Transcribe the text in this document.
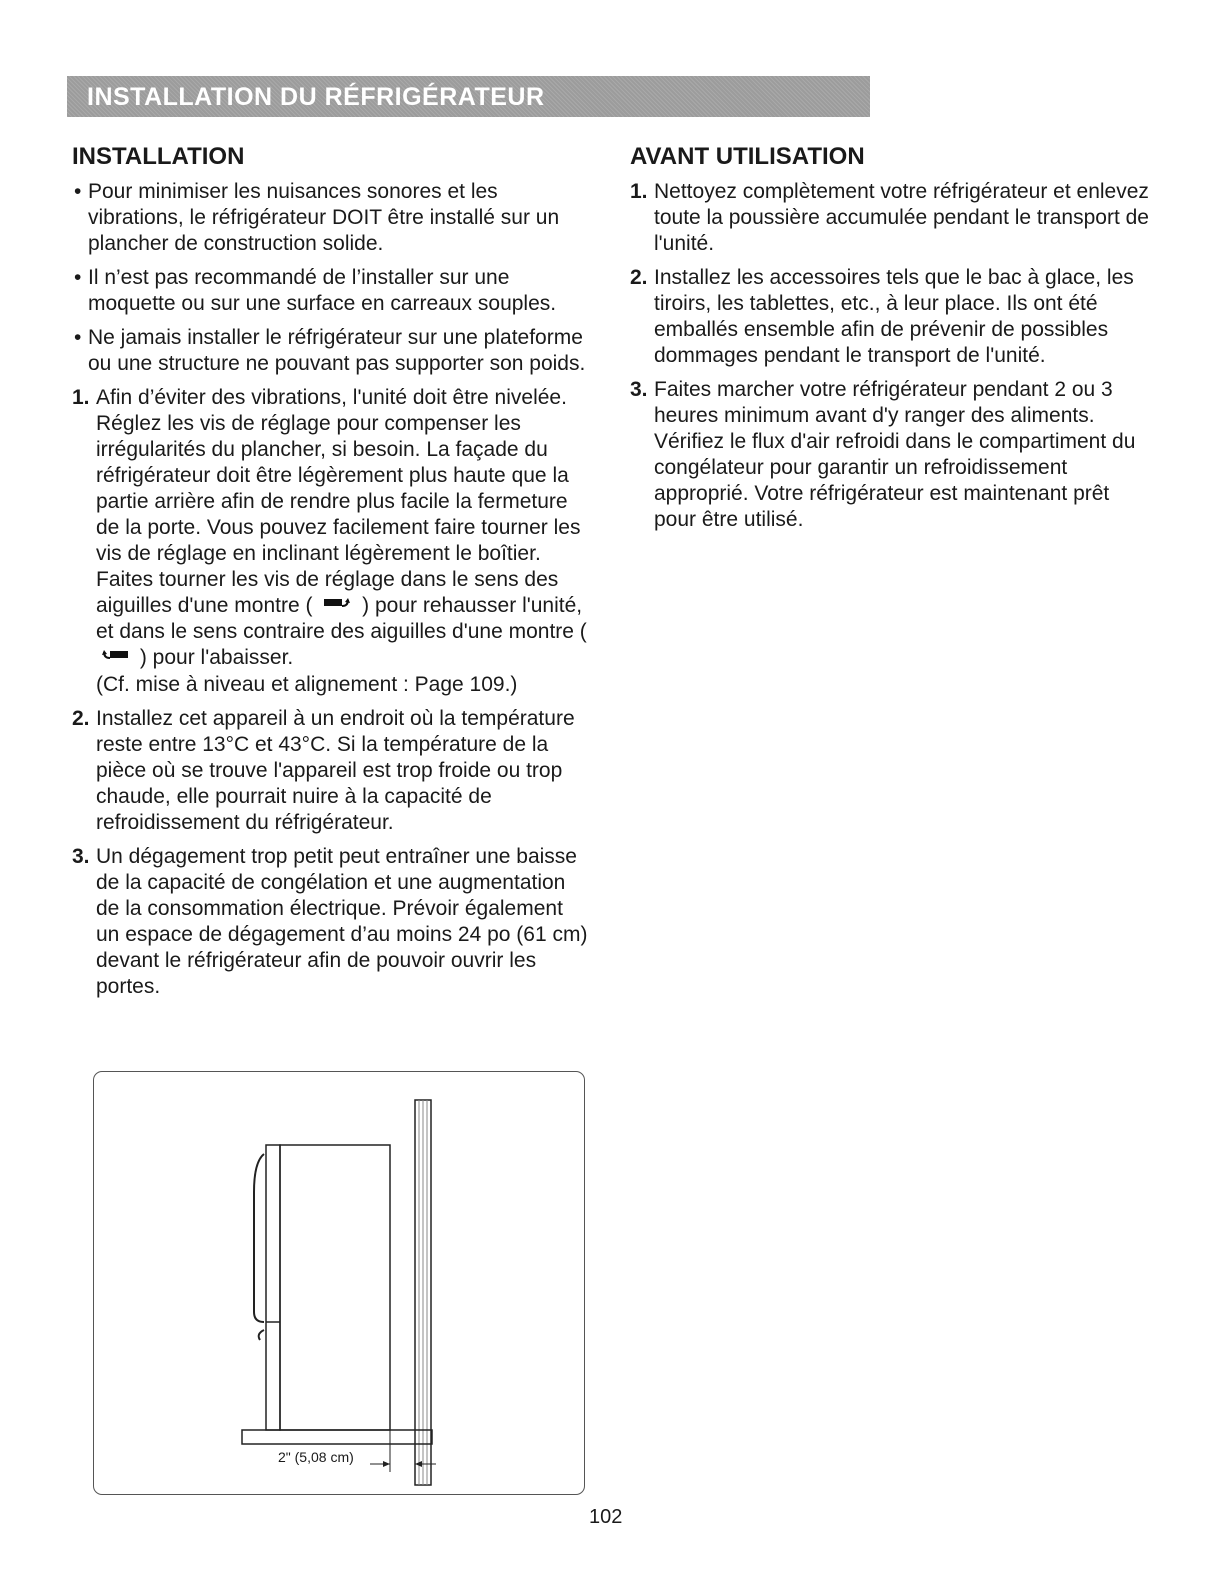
INSTALLATION DU RÉFRIGÉRATEUR
INSTALLATION
• Pour minimiser les nuisances sonores et les vibrations, le réfrigérateur DOIT être installé sur un plancher de construction solide.
• Il n’est pas recommandé de l’installer sur une moquette ou sur une surface en carreaux souples.
• Ne jamais installer le réfrigérateur sur une plateforme ou une structure ne pouvant pas supporter son poids.
1. Afin d’éviter des vibrations, l'unité doit être nivelée. Réglez les vis de réglage pour compenser les irrégularités du plancher, si besoin. La façade du réfrigérateur doit être légèrement plus haute que la partie arrière afin de rendre plus facile la fermeture de la porte. Vous pouvez facilement faire tourner les vis de réglage en inclinant légèrement le boîtier. Faites tourner les vis de réglage dans le sens des aiguilles d'une montre ( ) pour rehausser l'unité, et dans le sens contraire des aiguilles d'une montre (  ) pour l'abaisser.
(Cf. mise à niveau et alignement : Page 109.)
2. Installez cet appareil à un endroit où la température reste entre 13°C et 43°C. Si la température de la pièce où se trouve l'appareil est trop froide ou trop chaude, elle pourrait nuire à la capacité de refroidissement du réfrigérateur.
3. Un dégagement trop petit peut entraîner une baisse de la capacité de congélation et une augmentation de la consommation électrique. Prévoir également un espace de dégagement d’au moins 24 po (61 cm) devant le réfrigérateur afin de pouvoir ouvrir les portes.
AVANT UTILISATION
1. Nettoyez complètement votre réfrigérateur et enlevez toute la poussière accumulée pendant le transport de l'unité.
2. Installez les accessoires tels que le bac à glace, les tiroirs, les tablettes, etc., à leur place. Ils ont été emballés ensemble afin de prévenir de possibles dommages pendant le transport de l'unité.
3. Faites marcher votre réfrigérateur pendant 2 ou 3 heures minimum avant d'y ranger des aliments. Vérifiez le flux d'air refroidi dans le compartiment du congélateur pour garantir un refroidissement approprié. Votre réfrigérateur est maintenant prêt pour être utilisé.
2" (5,08 cm)
102
